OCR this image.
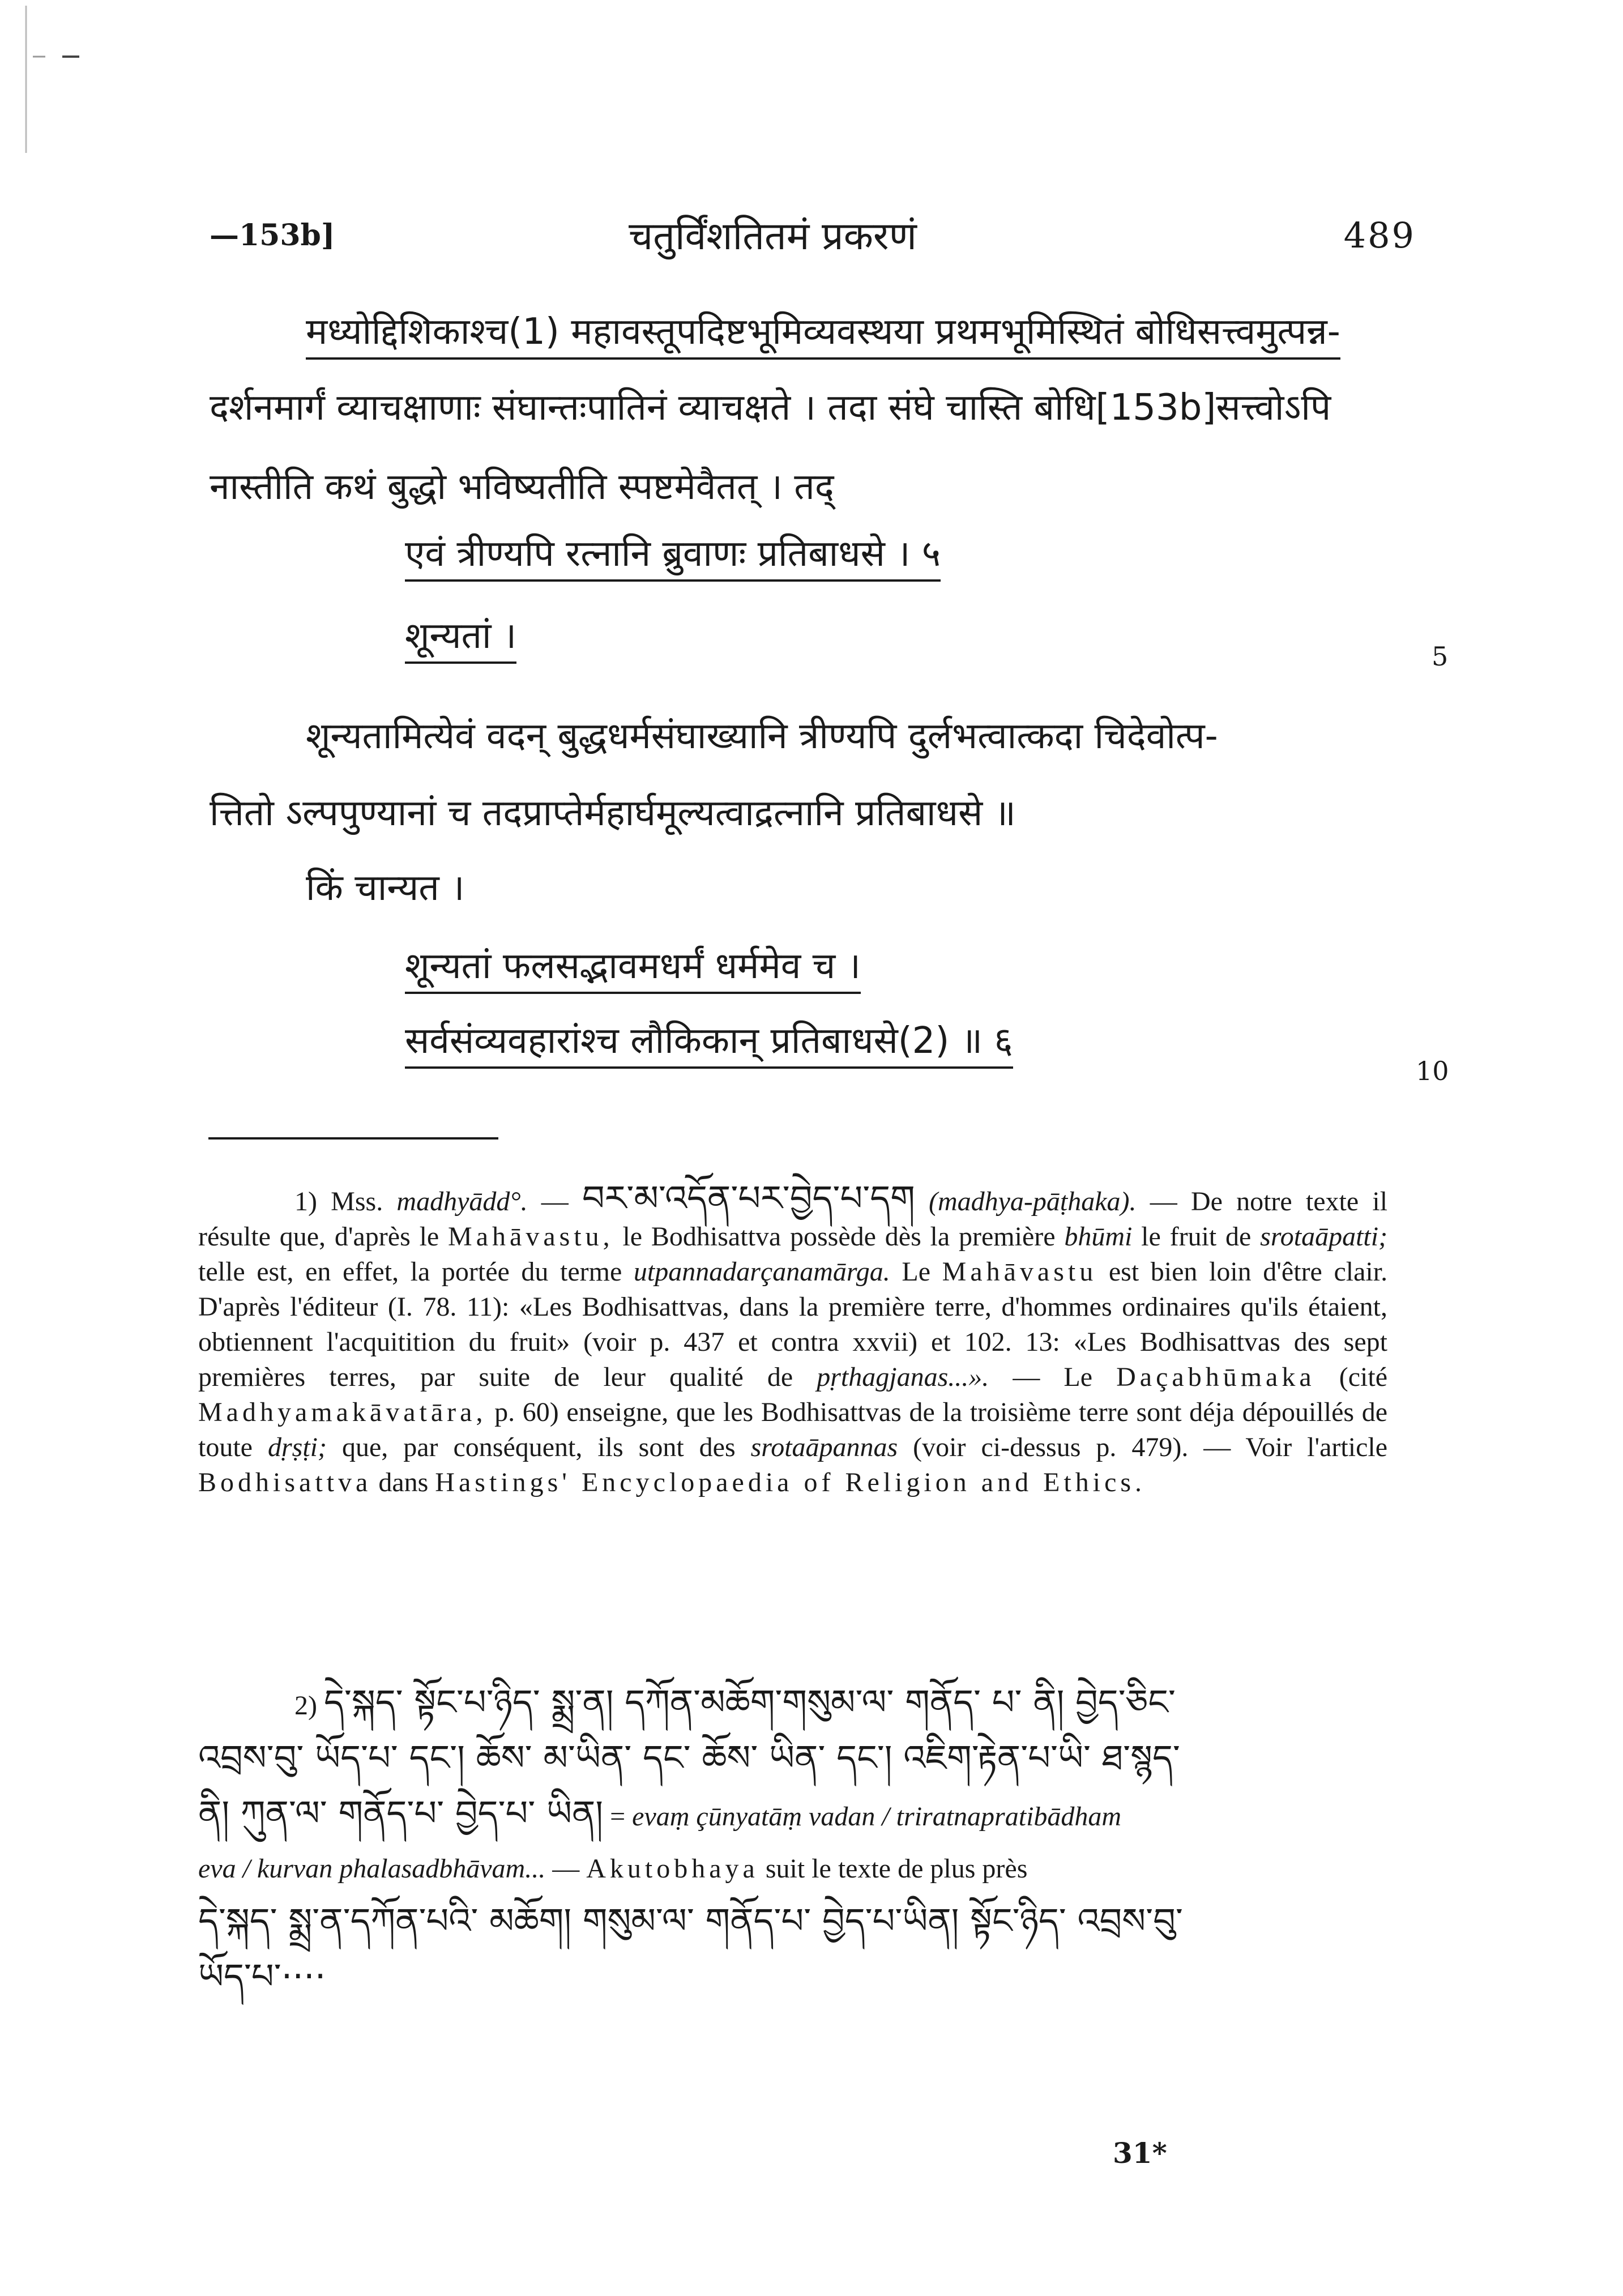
—153b]	चतुर्विंशतितमं प्रकरणं	489
मध्योद्दिशिकाश्च(1) महावस्तूपदिष्टभूमिव्यवस्थया प्रथमभूमिस्थितं बोधिसत्त्वमुत्पन्न-
दर्शनमार्गं व्याचक्षाणाः संघान्तःपातिनं व्याचक्षते । तदा संघे चास्ति बोधि[153b]सत्त्वोऽपि
नास्तीति कथं बुद्धो भविष्यतीति स्पष्टमेवैतत् । तद्
एवं त्रीण्यपि रत्नानि ब्रुवाणः प्रतिबाधसे । ५
शून्यतां ।	5
शून्यतामित्येवं वदन् बुद्धधर्मसंघाख्यानि त्रीण्यपि दुर्लभत्वात्कदा चिदेवोत्प-
त्तितो ऽल्पपुण्यानां च तदप्राप्तेर्महार्घमूल्यत्वाद्रत्नानि प्रतिबाधसे ॥
किं चान्यत ।
शून्यतां फलसद्भावमधर्मं धर्ममेव च ।
सर्वसंव्यवहारांश्च लौकिकान् प्रतिबाधसे(2) ॥ ६
10
1) Mss. madhyādd°. — བར་མ་འདོན་པར་བྱེད་པ་དག (madhya-pāṭhaka). — De notre texte il résulte que, d'après le Mahāvastu, le Bodhisattva possède dès la première bhūmi le fruit de srotaāpatti; telle est, en effet, la portée du terme utpannadarçanamārga. Le Mahāvastu est bien loin d'être clair. D'après l'éditeur (I. 78. 11): «Les Bodhisattvas, dans la première terre, d'hommes ordinaires qu'ils étaient, obtiennent l'acquitition du fruit» (voir p. 437 et contra xxvii) et 102. 13: «Les Bodhisattvas des sept premières terres, par suite de leur qualité de pṛthagjanas...». — Le Daçabhūmaka (cité Madhyamakāvatāra, p. 60) enseigne, que les Bodhisattvas de la troisième terre sont déja dépouillés de toute dṛṣṭi; que, par conséquent, ils sont des srotaāpannas (voir ci-dessus p. 479). — Voir l'article Bodhisattva dans Hastings' Encyclopaedia of Religion and Ethics.
2) དེ་སྐད་ སྟོང་པ་ཉིད་ སྨྲ་ན། དཀོན་མཆོག་གསུམ་ལ་ གནོད་ པ་ ནི། བྱེད་ཅིང་
འབྲས་བུ་ ཡོད་པ་ དང་། ཆོས་ མ་ཡིན་ དང་ ཆོས་ ཡིན་ དང་། འཇིག་རྟེན་པ་ཡི་ ཐ་སྙད་
ནི། ཀུན་ལ་ གནོད་པ་ བྱེད་པ་ ཡིན། = evaṃ çūnyatāṃ vadan / triratnapratibādham
eva / kurvan phalasadbhāvam... — Akutobhaya suit le texte de plus près
དེ་སྐད་ སྨྲ་ན་དཀོན་པའི་ མཆོག། གསུམ་ལ་ གནོད་པ་ བྱེད་པ་ཡིན། སྟོང་ཉིད་ འབྲས་བུ་
ཡོད་པ་····
31*
